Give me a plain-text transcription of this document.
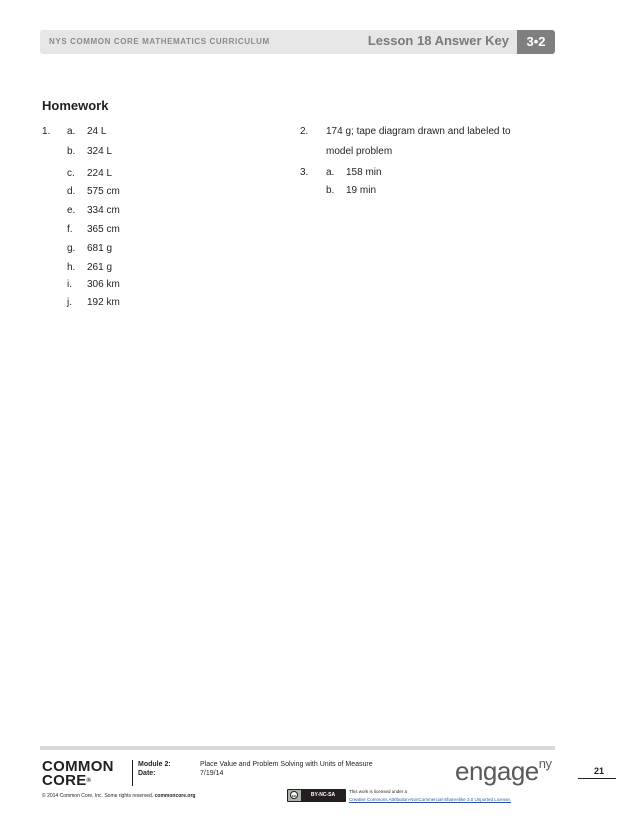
NYS COMMON CORE MATHEMATICS CURRICULUM	Lesson 18 Answer Key	3•2
Homework
1. a. 24 L
b. 324 L
c. 224 L
d. 575 cm
e. 334 cm
f. 365 cm
g. 681 g
h. 261 g
i. 306 km
j. 192 km
2. 174 g; tape diagram drawn and labeled to
model problem
3. a. 158 min
b. 19 min
COMMON
CORE®
Module 2:	Place Value and Problem Solving with Units of Measure
Date:	7/19/14	engage$^{ny}$	21
© 2014 Common Core, Inc. Some rights reserved. commoncore.org	cc	BY-NC-SA
This work is licensed under a
Creative Commons Attribution-NonCommercial-ShareAlike 3.0 Unported License.
